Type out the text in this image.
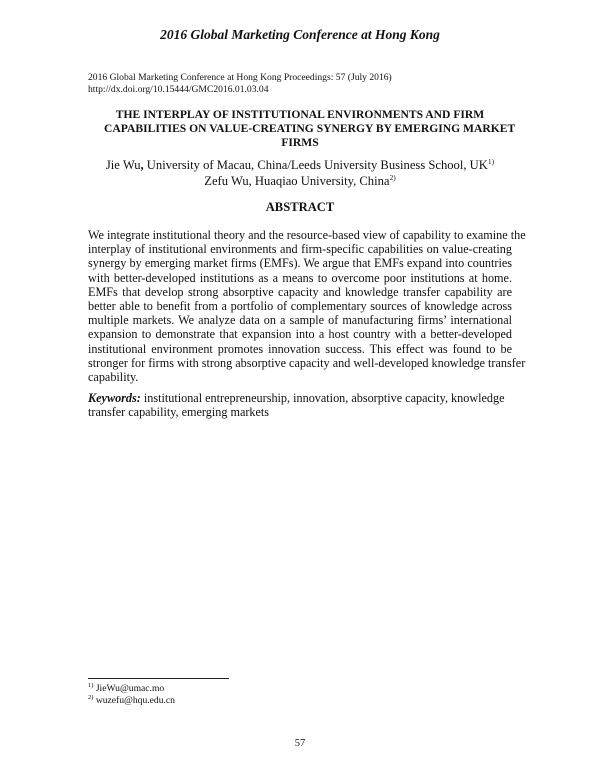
2016 Global Marketing Conference at Hong Kong
2016 Global Marketing Conference at Hong Kong Proceedings: 57 (July 2016)
http://dx.doi.org/10.15444/GMC2016.01.03.04
THE INTERPLAY OF INSTITUTIONAL ENVIRONMENTS AND FIRM
CAPABILITIES ON VALUE-CREATING SYNERGY BY EMERGING MARKET
FIRMS
Jie Wu, University of Macau, China/Leeds University Business School, UK$^{1)}$
Zefu Wu, Huaqiao University, China$^{2)}$
ABSTRACT
We integrate institutional theory and the resource-based view of capability to examine the
interplay of institutional environments and firm-specific capabilities on value-creating
synergy by emerging market firms (EMFs). We argue that EMFs expand into countries
with better-developed institutions as a means to overcome poor institutions at home.
EMFs that develop strong absorptive capacity and knowledge transfer capability are
better able to benefit from a portfolio of complementary sources of knowledge across
multiple markets. We analyze data on a sample of manufacturing firms’ international
expansion to demonstrate that expansion into a host country with a better-developed
institutional environment promotes innovation success. This effect was found to be
stronger for firms with strong absorptive capacity and well-developed knowledge transfer
capability.
Keywords: institutional entrepreneurship, innovation, absorptive capacity, knowledge transfer capability, emerging markets
$^{1)}$ JieWu@umac.mo
$^{2)}$ wuzefu@hqu.edu.cn
57
